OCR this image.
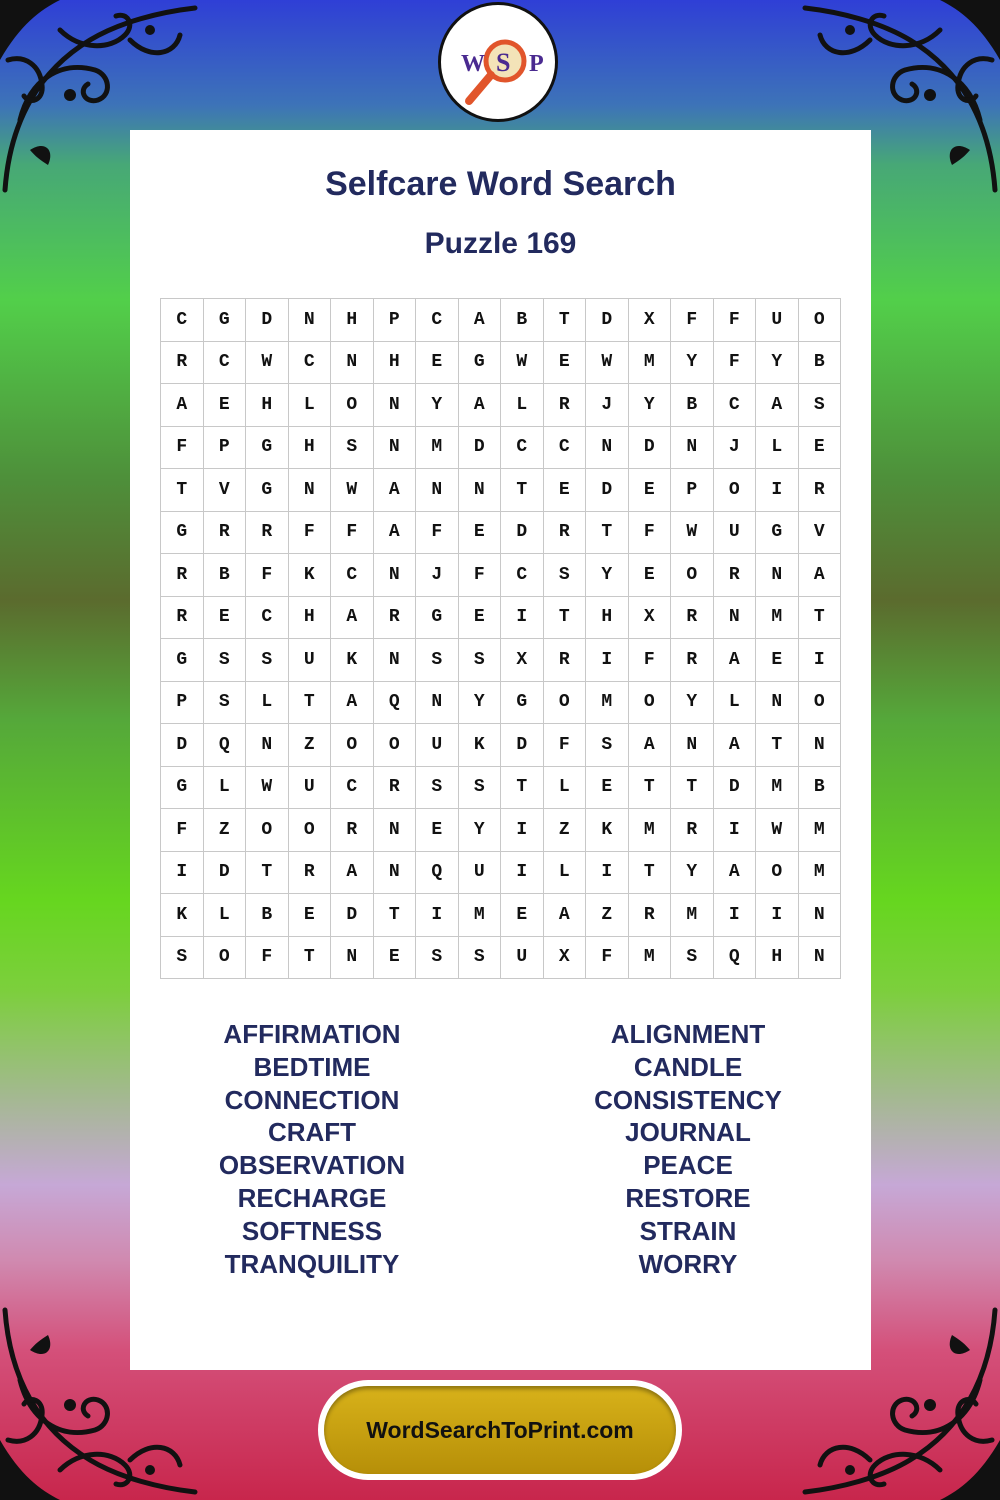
W S P
Selfcare Word Search
Puzzle 169
C	G	D	N	H	P	C	A	B	T	D	X	F	F	U	O
R	C	W	C	N	H	E	G	W	E	W	M	Y	F	Y	B
A	E	H	L	O	N	Y	A	L	R	J	Y	B	C	A	S
F	P	G	H	S	N	M	D	C	C	N	D	N	J	L	E
T	V	G	N	W	A	N	N	T	E	D	E	P	O	I	R
G	R	R	F	F	A	F	E	D	R	T	F	W	U	G	V
R	B	F	K	C	N	J	F	C	S	Y	E	O	R	N	A
R	E	C	H	A	R	G	E	I	T	H	X	R	N	M	T
G	S	S	U	K	N	S	S	X	R	I	F	R	A	E	I
P	S	L	T	A	Q	N	Y	G	O	M	O	Y	L	N	O
D	Q	N	Z	O	O	U	K	D	F	S	A	N	A	T	N
G	L	W	U	C	R	S	S	T	L	E	T	T	D	M	B
F	Z	O	O	R	N	E	Y	I	Z	K	M	R	I	W	M
I	D	T	R	A	N	Q	U	I	L	I	T	Y	A	O	M
K	L	B	E	D	T	I	M	E	A	Z	R	M	I	I	N
S	O	F	T	N	E	S	S	U	X	F	M	S	Q	H	N
AFFIRMATION
BEDTIME
CONNECTION
CRAFT
OBSERVATION
RECHARGE
SOFTNESS
TRANQUILITY
ALIGNMENT
CANDLE
CONSISTENCY
JOURNAL
PEACE
RESTORE
STRAIN
WORRY
WordSearchToPrint.com
